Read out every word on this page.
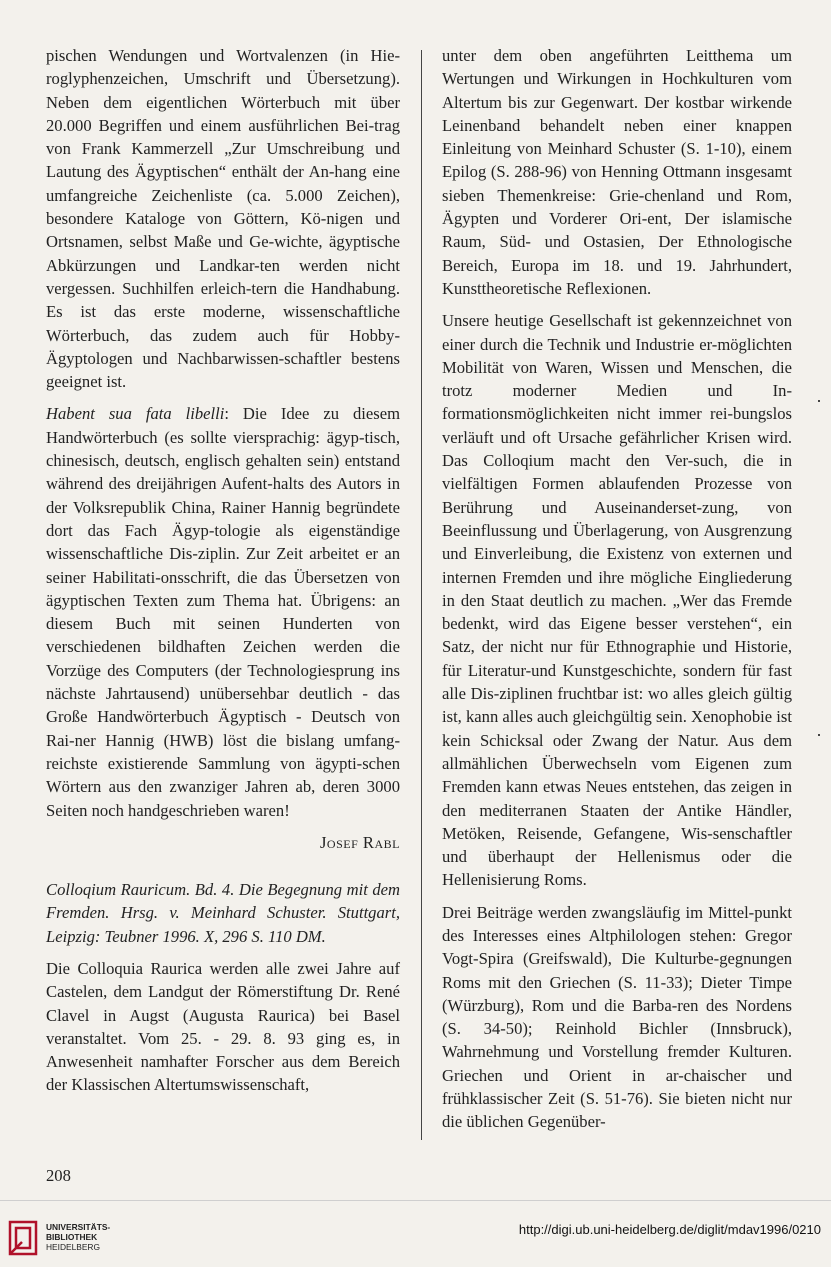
pischen Wendungen und Wortvalenzen (in Hie-roglyphenzeichen, Umschrift und Übersetzung). Neben dem eigentlichen Wörterbuch mit über 20.000 Begriffen und einem ausführlichen Bei-trag von Frank Kammerzell „Zur Umschreibung und Lautung des Ägyptischen“ enthält der An-hang eine umfangreiche Zeichenliste (ca. 5.000 Zeichen), besondere Kataloge von Göttern, Kö-nigen und Ortsnamen, selbst Maße und Ge-wichte, ägyptische Abkürzungen und Landkar-ten werden nicht vergessen. Suchhilfen erleich-tern die Handhabung. Es ist das erste moderne, wissenschaftliche Wörterbuch, das zudem auch für Hobby-Ägyptologen und Nachbarwissen-schaftler bestens geeignet ist.

Habent sua fata libelli: Die Idee zu diesem Handwörterbuch (es sollte viersprachig: ägyp-tisch, chinesisch, deutsch, englisch gehalten sein) entstand während des dreijährigen Aufent-halts des Autors in der Volksrepublik China, Rainer Hannig begründete dort das Fach Ägyp-tologie als eigenständige wissenschaftliche Dis-ziplin. Zur Zeit arbeitet er an seiner Habilitati-onsschrift, die das Übersetzen von ägyptischen Texten zum Thema hat. Übrigens: an diesem Buch mit seinen Hunderten von verschiedenen bildhaften Zeichen werden die Vorzüge des Computers (der Technologiesprung ins nächste Jahrtausend) unübersehbar deutlich - das Große Handwörterbuch Ägyptisch - Deutsch von Rai-ner Hannig (HWB) löst die bislang umfang-reichste existierende Sammlung von ägypti-schen Wörtern aus den zwanziger Jahren ab, deren 3000 Seiten noch handgeschrieben waren!

Josef Rabl

Colloqium Rauricum. Bd. 4. Die Begegnung mit dem Fremden. Hrsg. v. Meinhard Schuster. Stuttgart, Leipzig: Teubner 1996. X, 296 S. 110 DM.

Die Colloquia Raurica werden alle zwei Jahre auf Castelen, dem Landgut der Römerstiftung Dr. René Clavel in Augst (Augusta Raurica) bei Basel veranstaltet. Vom 25. - 29. 8. 93 ging es, in Anwesenheit namhafter Forscher aus dem Bereich der Klassischen Altertumswissenschaft,

unter dem oben angeführten Leitthema um Wertungen und Wirkungen in Hochkulturen vom Altertum bis zur Gegenwart. Der kostbar wirkende Leinenband behandelt neben einer knappen Einleitung von Meinhard Schuster (S. 1-10), einem Epilog (S. 288-96) von Henning Ottmann insgesamt sieben Themenkreise: Grie-chenland und Rom, Ägypten und Vorderer Ori-ent, Der islamische Raum, Süd- und Ostasien, Der Ethnologische Bereich, Europa im 18. und 19. Jahrhundert, Kunsttheoretische Reflexionen.

Unsere heutige Gesellschaft ist gekennzeichnet von einer durch die Technik und Industrie er-möglichten Mobilität von Waren, Wissen und Menschen, die trotz moderner Medien und In-formationsmöglichkeiten nicht immer rei-bungslos verläuft und oft Ursache gefährlicher Krisen wird. Das Colloqium macht den Ver-such, die in vielfältigen Formen ablaufenden Prozesse von Berührung und Auseinanderset-zung, von Beeinflussung und Überlagerung, von Ausgrenzung und Einverleibung, die Existenz von externen und internen Fremden und ihre mögliche Eingliederung in den Staat deutlich zu machen. „Wer das Fremde bedenkt, wird das Eigene besser verstehen“, ein Satz, der nicht nur für Ethnographie und Historie, für Literatur-und Kunstgeschichte, sondern für fast alle Dis-ziplinen fruchtbar ist: wo alles gleich gültig ist, kann alles auch gleichgültig sein. Xenophobie ist kein Schicksal oder Zwang der Natur. Aus dem allmählichen Überwechseln vom Eigenen zum Fremden kann etwas Neues entstehen, das zeigen in den mediterranen Staaten der Antike Händler, Metöken, Reisende, Gefangene, Wis-senschaftler und überhaupt der Hellenismus oder die Hellenisierung Roms.

Drei Beiträge werden zwangsläufig im Mittel-punkt des Interesses eines Altphilologen stehen: Gregor Vogt-Spira (Greifswald), Die Kulturbe-gegnungen Roms mit den Griechen (S. 11-33); Dieter Timpe (Würzburg), Rom und die Barba-ren des Nordens (S. 34-50); Reinhold Bichler (Innsbruck), Wahrnehmung und Vorstellung fremder Kulturen. Griechen und Orient in ar-chaischer und frühklassischer Zeit (S. 51-76). Sie bieten nicht nur die üblichen Gegenüber-

208
UNIVERSITÄTS-
BIBLIOTHEK
HEIDELBERG
http://digi.ub.uni-heidelberg.de/diglit/mdav1996/0210
